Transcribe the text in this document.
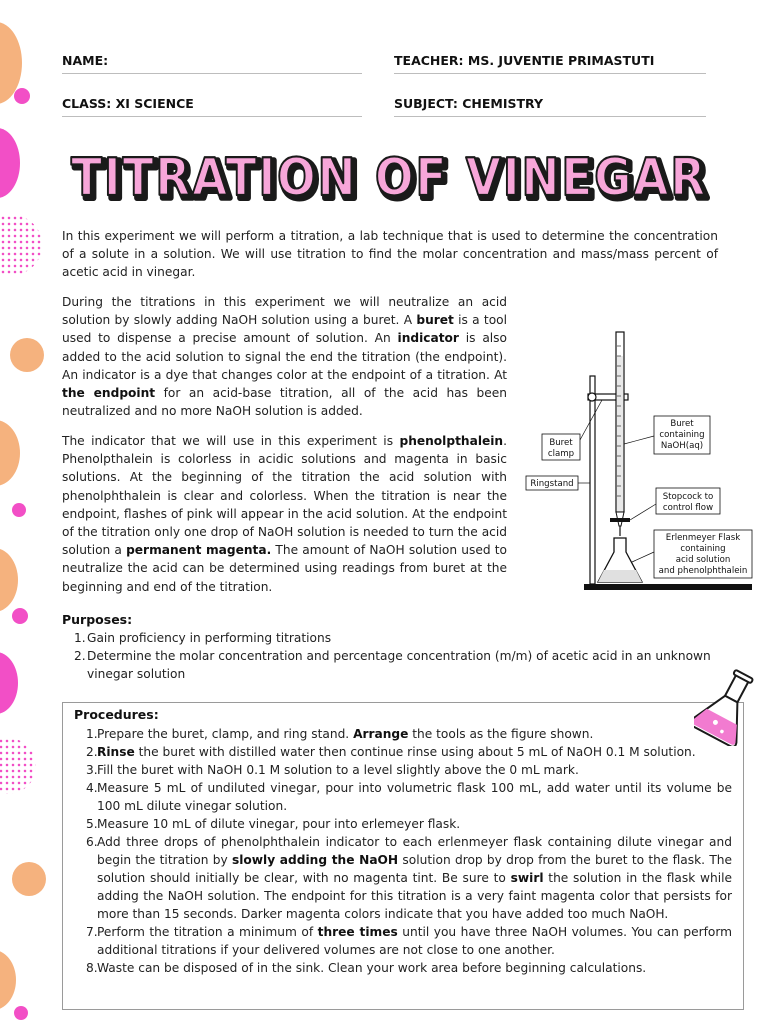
NAME:	TEACHER: MS. JUVENTIE PRIMASTUTI
CLASS: XI SCIENCE	SUBJECT: CHEMISTRY
TITRATION OF VINEGAR
TITRATION OF VINEGAR
In this experiment we will perform a titration, a lab technique that is used to determine the concentration of a solute in a solution. We will use titration to find the molar concentration and mass/mass percent of acetic acid in vinegar.
During the titrations in this experiment we will neutralize an acid solution by slowly adding NaOH solution using a buret. A buret is a tool used to dispense a precise amount of solution. An indicator is also added to the acid solution to signal the end the titration (the endpoint). An indicator is a dye that changes color at the endpoint of a titration. At the endpoint for an acid-base titration, all of the acid has been neutralized and no more NaOH solution is added.
The indicator that we will use in this experiment is phenolpthalein. Phenolpthalein is colorless in acidic solutions and magenta in basic solutions. At the beginning of the titration the acid solution with phenolphthalein is clear and colorless. When the titration is near the endpoint, flashes of pink will appear in the acid solution. At the endpoint of the titration only one drop of NaOH solution is needed to turn the acid solution a permanent magenta. The amount of NaOH solution used to neutralize the acid can be determined using readings from buret at the beginning and end of the titration.
Buret
containing
NaOH(aq)
Buret
clamp
Ringstand
Stopcock to
control flow
Erlenmeyer Flask
containing
acid solution
and phenolphthalein
Purposes:
1. Gain proficiency in performing titrations
2. Determine the molar concentration and percentage concentration (m/m) of acetic acid in an unknown vinegar solution
Procedures:
1. Prepare the buret, clamp, and ring stand. Arrange the tools as the figure shown.
2. Rinse the buret with distilled water then continue rinse using about 5 mL of NaOH 0.1 M solution.
3. Fill the buret with NaOH 0.1 M solution to a level slightly above the 0 mL mark.
4. Measure 5 mL of undiluted vinegar, pour into volumetric flask 100 mL, add water until its volume be 100 mL dilute vinegar solution.
5. Measure 10 mL of dilute vinegar, pour into erlemeyer flask.
6. Add three drops of phenolphthalein indicator to each erlenmeyer flask containing dilute vinegar and begin the titration by slowly adding the NaOH solution drop by drop from the buret to the flask. The solution should initially be clear, with no magenta tint. Be sure to swirl the solution in the flask while adding the NaOH solution. The endpoint for this titration is a very faint magenta color that persists for more than 15 seconds. Darker magenta colors indicate that you have added too much NaOH.
7. Perform the titration a minimum of three times until you have three NaOH volumes. You can perform additional titrations if your delivered volumes are not close to one another.
8. Waste can be disposed of in the sink. Clean your work area before beginning calculations.
